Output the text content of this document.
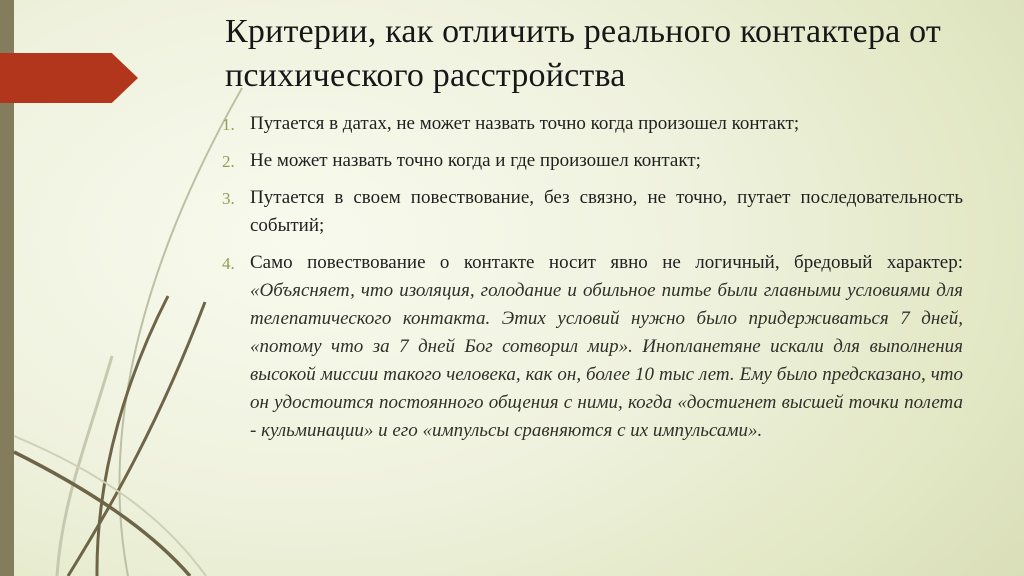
Критерии, как отличить реального контактера от психического расстройства
1. Путается в датах, не может назвать точно когда произошел контакт;
2. Не может назвать точно когда и где произошел контакт;
3. Путается в своем повествование, без связно, не точно, путает последовательность событий;
4. Само повествование о контакте носит явно не логичный, бредовый характер: «Объясняет, что изоляция, голодание и обильное питье были главными условиями для телепатического контакта. Этих условий нужно было придерживаться 7 дней, «потому что за 7 дней Бог сотворил мир». Инопланетяне искали для выполнения высокой миссии такого человека, как он, более 10 тыс лет. Ему было предсказано, что он удостоится постоянного общения с ними, когда «достигнет высшей точки полета - кульминации» и его «импульсы сравняются с их импульсами».
